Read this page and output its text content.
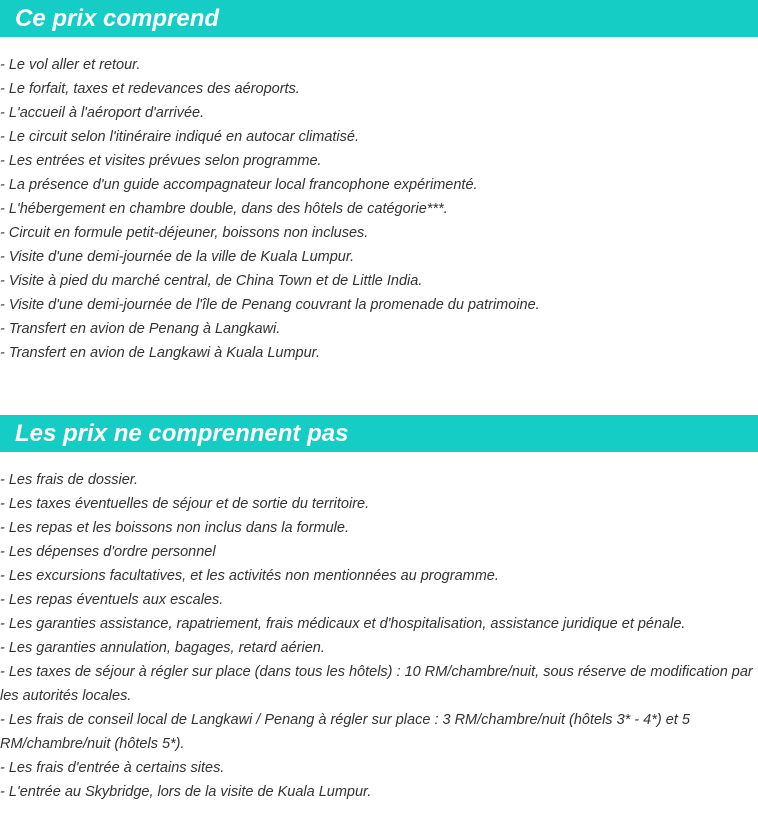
Ce prix comprend
- Le vol aller et retour.
- Le forfait, taxes et redevances des aéroports.
- L'accueil à l'aéroport d'arrivée.
- Le circuit selon l'itinéraire indiqué en autocar climatisé.
- Les entrées et visites prévues selon programme.
- La présence d'un guide accompagnateur local francophone expérimenté.
- L'hébergement en chambre double, dans des hôtels de catégorie***.
- Circuit en formule petit-déjeuner, boissons non incluses.
- Visite d'une demi-journée de la ville de Kuala Lumpur.
- Visite à pied du marché central, de China Town et de Little India.
- Visite d'une demi-journée de l'île de Penang couvrant la promenade du patrimoine.
- Transfert en avion de Penang à Langkawi.
- Transfert en avion de Langkawi à Kuala Lumpur.
Les prix ne comprennent pas
- Les frais de dossier.
- Les taxes éventuelles de séjour et de sortie du territoire.
- Les repas et les boissons non inclus dans la formule.
- Les dépenses d'ordre personnel
- Les excursions facultatives, et les activités non mentionnées au programme.
- Les repas éventuels aux escales.
- Les garanties assistance, rapatriement, frais médicaux et d'hospitalisation, assistance juridique et pénale.
- Les garanties annulation, bagages, retard aérien.
- Les taxes de séjour à régler sur place (dans tous les hôtels) : 10 RM/chambre/nuit, sous réserve de modification par les autorités locales.
- Les frais de conseil local de Langkawi / Penang à régler sur place : 3 RM/chambre/nuit (hôtels 3* - 4*) et 5 RM/chambre/nuit (hôtels 5*).
- Les frais d'entrée à certains sites.
- L'entrée au Skybridge, lors de la visite de Kuala Lumpur.
